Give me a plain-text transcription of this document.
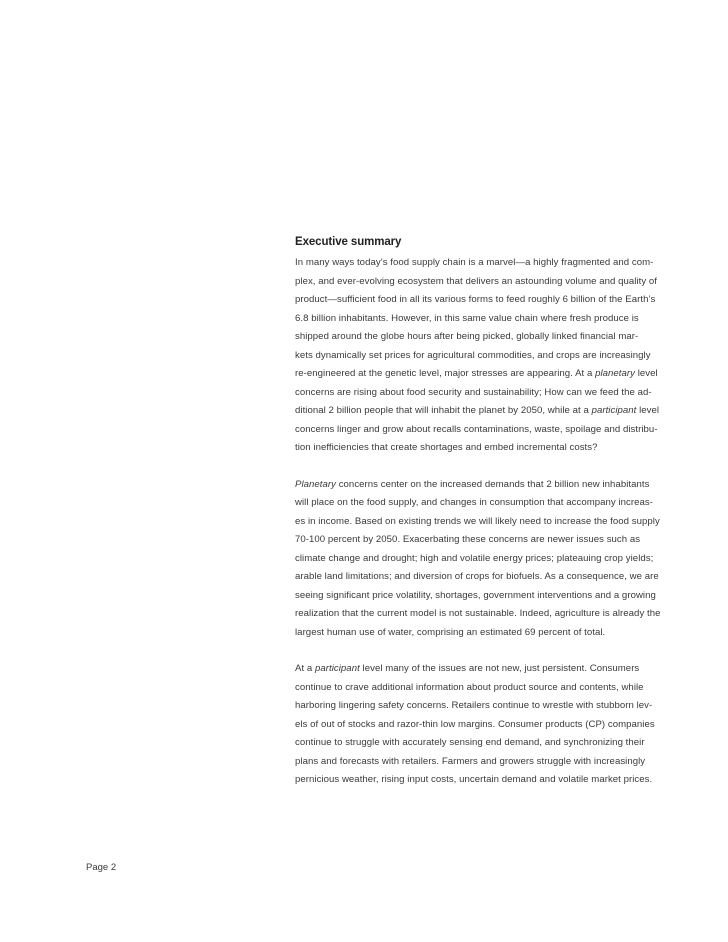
Executive summary
In many ways today’s food supply chain is a marvel—a highly fragmented and com-
plex, and ever-evolving ecosystem that delivers an astounding volume and quality of
product—sufficient food in all its various forms to feed roughly 6 billion of the Earth’s
6.8 billion inhabitants. However, in this same value chain where fresh produce is
shipped around the globe hours after being picked, globally linked financial mar-
kets dynamically set prices for agricultural commodities, and crops are increasingly
re-engineered at the genetic level, major stresses are appearing. At a planetary level
concerns are rising about food security and sustainability; How can we feed the ad-
ditional 2 billion people that will inhabit the planet by 2050, while at a participant level
concerns linger and grow about recalls contaminations, waste, spoilage and distribu-
tion inefficiencies that create shortages and embed incremental costs?
Planetary concerns center on the increased demands that 2 billion new inhabitants
will place on the food supply, and changes in consumption that accompany increas-
es in income. Based on existing trends we will likely need to increase the food supply
70-100 percent by 2050. Exacerbating these concerns are newer issues such as
climate change and drought; high and volatile energy prices; plateauing crop yields;
arable land limitations; and diversion of crops for biofuels. As a consequence, we are
seeing significant price volatility, shortages, government interventions and a growing
realization that the current model is not sustainable. Indeed, agriculture is already the
largest human use of water, comprising an estimated 69 percent of total.
At a participant level many of the issues are not new, just persistent. Consumers
continue to crave additional information about product source and contents, while
harboring lingering safety concerns. Retailers continue to wrestle with stubborn lev-
els of out of stocks and razor-thin low margins. Consumer products (CP) companies
continue to struggle with accurately sensing end demand, and synchronizing their
plans and forecasts with retailers. Farmers and growers struggle with increasingly
pernicious weather, rising input costs, uncertain demand and volatile market prices.
Page 2
